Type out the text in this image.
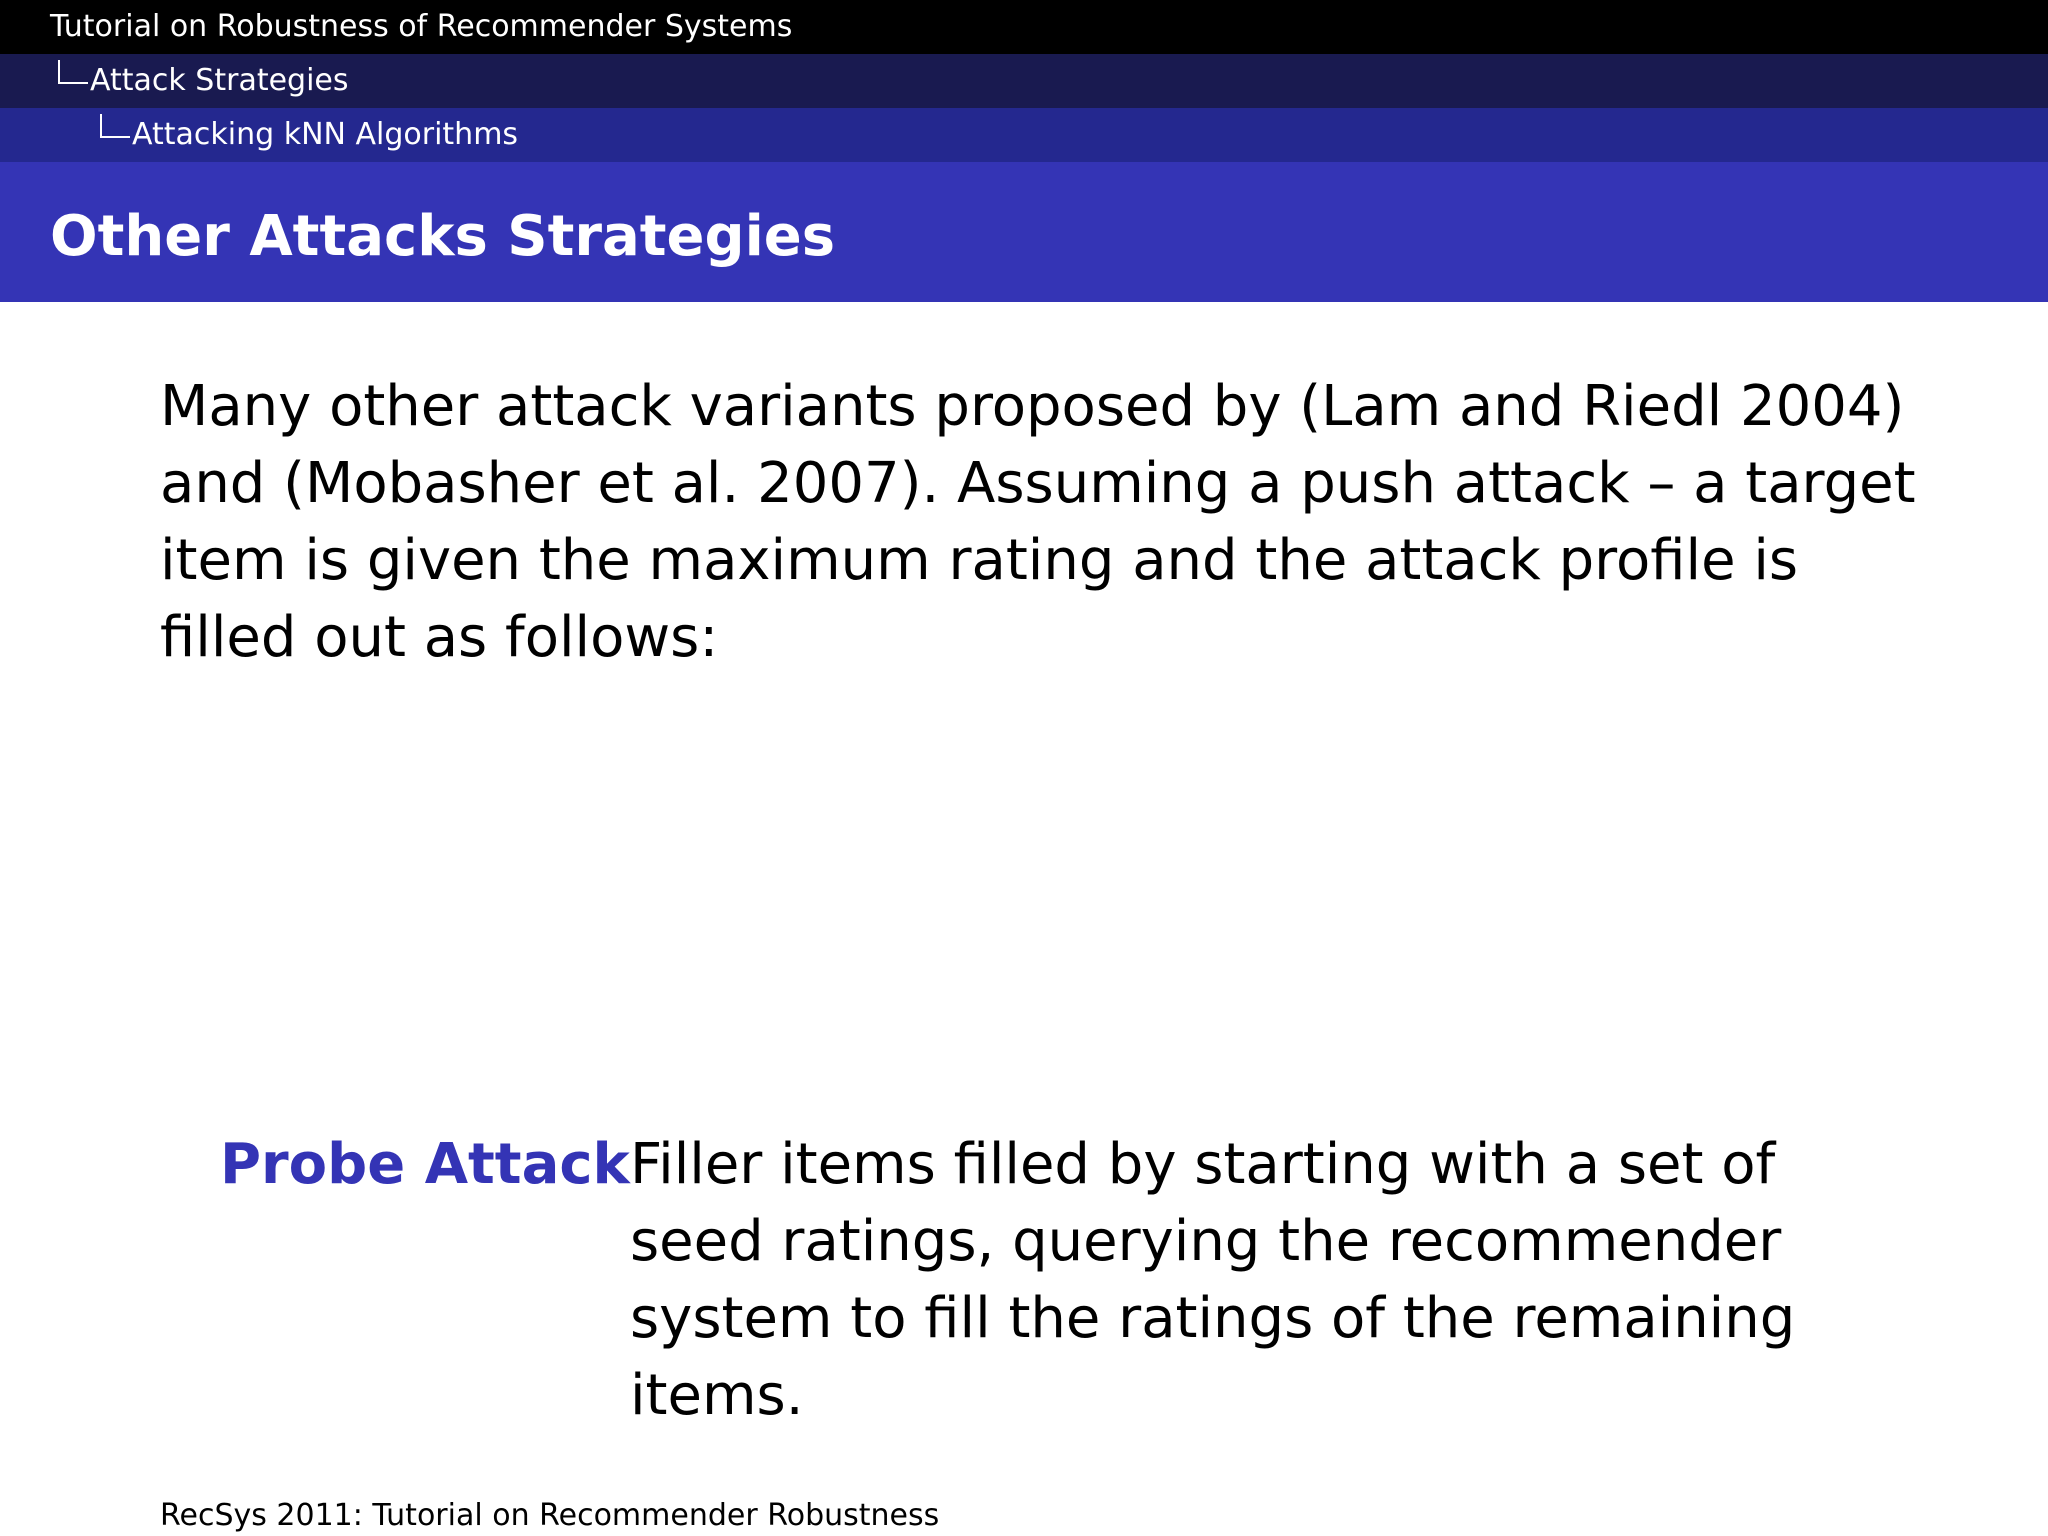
Tutorial on Robustness of Recommender Systems
Attack Strategies
Attacking kNN Algorithms
Other Attacks Strategies

Many other attack variants proposed by (Lam and Riedl 2004) and (Mobasher et al. 2007). Assuming a push attack – a target item is given the maximum rating and the attack profile is filled out as follows:

Probe Attack Filler items filled by starting with a set of seed ratings, querying the recommender system to fill the ratings of the remaining items.

RecSys 2011: Tutorial on Recommender Robustness
